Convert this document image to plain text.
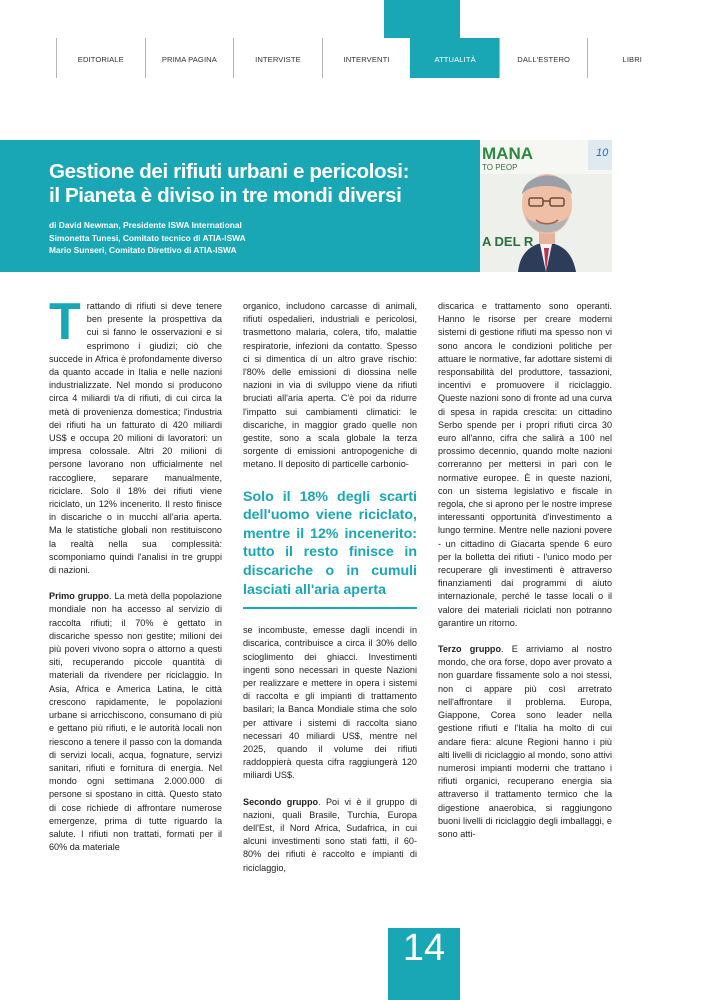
EDITORIALE	PRIMA PAGINA	INTERVISTE	INTERVENTI	ATTUALITÀ	DALL'ESTERO	LIBRI
Gestione dei rifiuti urbani e pericolosi:
il Pianeta è diviso in tre mondi diversi
di David Newman, Presidente ISWA International
Simonetta Tunesi, Comitato tecnico di ATIA-ISWA
Mario Sunseri, Comitato Direttivo di ATIA-ISWA
MANA
TO PEOP
10
A DEL R

Trattando di rifiuti si deve tenere ben presente la prospettiva da cui si fanno le osservazioni e si esprimono i giudizi; ciò che succede in Africa è profondamente diverso da quanto accade in Italia e nelle nazioni industrializzate. Nel mondo si producono circa 4 miliardi t/a di rifiuti, di cui circa la metà di provenienza domestica; l'industria dei rifiuti ha un fatturato di 420 miliardi US$ e occupa 20 milioni di lavoratori: un impresa colossale. Altri 20 milioni di persone lavorano non ufficialmente nel raccogliere, separare manualmente, riciclare. Solo il 18% dei rifiuti viene riciclato, un 12% incenerito. Il resto finisce in discariche o in mucchi all'aria aperta. Ma le statistiche globali non restituiscono la realtà nella sua complessità: scomponiamo quindi l'analisi in tre gruppi di nazioni.

Primo gruppo. La metà della popolazione mondiale non ha accesso al servizio di raccolta rifiuti; il 70% è gettato in discariche spesso non gestite; milioni dei più poveri vivono sopra o attorno a questi siti, recuperando piccole quantità di materiali da rivendere per riciclaggio. In Asia, Africa e America Latina, le città crescono rapidamente, le popolazioni urbane si arricchiscono, consumano di più e gettano più rifiuti, e le autorità locali non riescono a tenere il passo con la domanda di servizi locali, acqua, fognature, servizi sanitari, rifiuti e fornitura di energia. Nel mondo ogni settimana 2.000.000 di persone si spostano in città. Questo stato di cose richiede di affrontare numerose emergenze, prima di tutte riguardo la salute. I rifiuti non trattati, formati per il 60% da materiale

organico, includono carcasse di animali, rifiuti ospedalieri, industriali e pericolosi, trasmettono malaria, colera, tifo, malattie respiratorie, infezioni da contatto. Spesso ci si dimentica di un altro grave rischio: l'80% delle emissioni di diossina nelle nazioni in via di sviluppo viene da rifiuti bruciati all'aria aperta. C'è poi da ridurre l'impatto sui cambiamenti climatici: le discariche, in maggior grado quelle non gestite, sono a scala globale la terza sorgente di emissioni antropogeniche di metano. Il deposito di particelle carbonio-

Solo il 18% degli scarti dell'uomo viene riciclato, mentre il 12% incenerito: tutto il resto finisce in discariche o in cumuli lasciati all'aria aperta

se incombuste, emesse dagli incendi in discarica, contribuisce a circa il 30% dello scioglimento dei ghiacci. Investimenti ingenti sono necessari in queste Nazioni per realizzare e mettere in opera i sistemi di raccolta e gli impianti di trattamento basilari; la Banca Mondiale stima che solo per attivare i sistemi di raccolta siano necessari 40 miliardi US$, mentre nel 2025, quando il volume dei rifiuti raddoppierà questa cifra raggiungerà 120 miliardi US$.

Secondo gruppo. Poi vi è il gruppo di nazioni, quali Brasile, Turchia, Europa dell'Est, il Nord Africa, Sudafrica, in cui alcuni investimenti sono stati fatti, il 60-80% dei rifiuti è raccolto e impianti di riciclaggio,

discarica e trattamento sono operanti. Hanno le risorse per creare moderni sistemi di gestione rifiuti ma spesso non vi sono ancora le condizioni politiche per attuare le normative, far adottare sistemi di responsabilità del produttore, tassazioni, incentivi e promuovere il riciclaggio. Queste nazioni sono di fronte ad una curva di spesa in rapida crescita: un cittadino Serbo spende per i propri rifiuti circa 30 euro all'anno, cifra che salirà a 100 nel prossimo decennio, quando molte nazioni correranno per mettersi in pari con le normative europee. È in queste nazioni, con un sistema legislativo e fiscale in regola, che si aprono per le nostre imprese interessanti opportunità d'investimento a lungo termine. Mentre nelle nazioni povere - un cittadino di Giacarta spende 6 euro per la bolletta dei rifiuti - l'unico modo per recuperare gli investimenti è attraverso finanziamenti dai programmi di aiuto internazionale, perché le tasse locali o il valore dei materiali riciclati non potranno garantire un ritorno.

Terzo gruppo. E arriviamo al nostro mondo, che ora forse, dopo aver provato a non guardare fissamente solo a noi stessi, non ci appare più così arretrato nell'affrontare il problema. Europa, Giappone, Corea sono leader nella gestione rifiuti e l'Italia ha molto di cui andare fiera: alcune Regioni hanno i più alti livelli di riciclaggio al mondo, sono attivi numerosi impianti moderni che trattano i rifiuti organici, recuperano energia sia attraverso il trattamento termico che la digestione anaerobica, si raggiungono buoni livelli di riciclaggio degli imballaggi, e sono atti-

14
